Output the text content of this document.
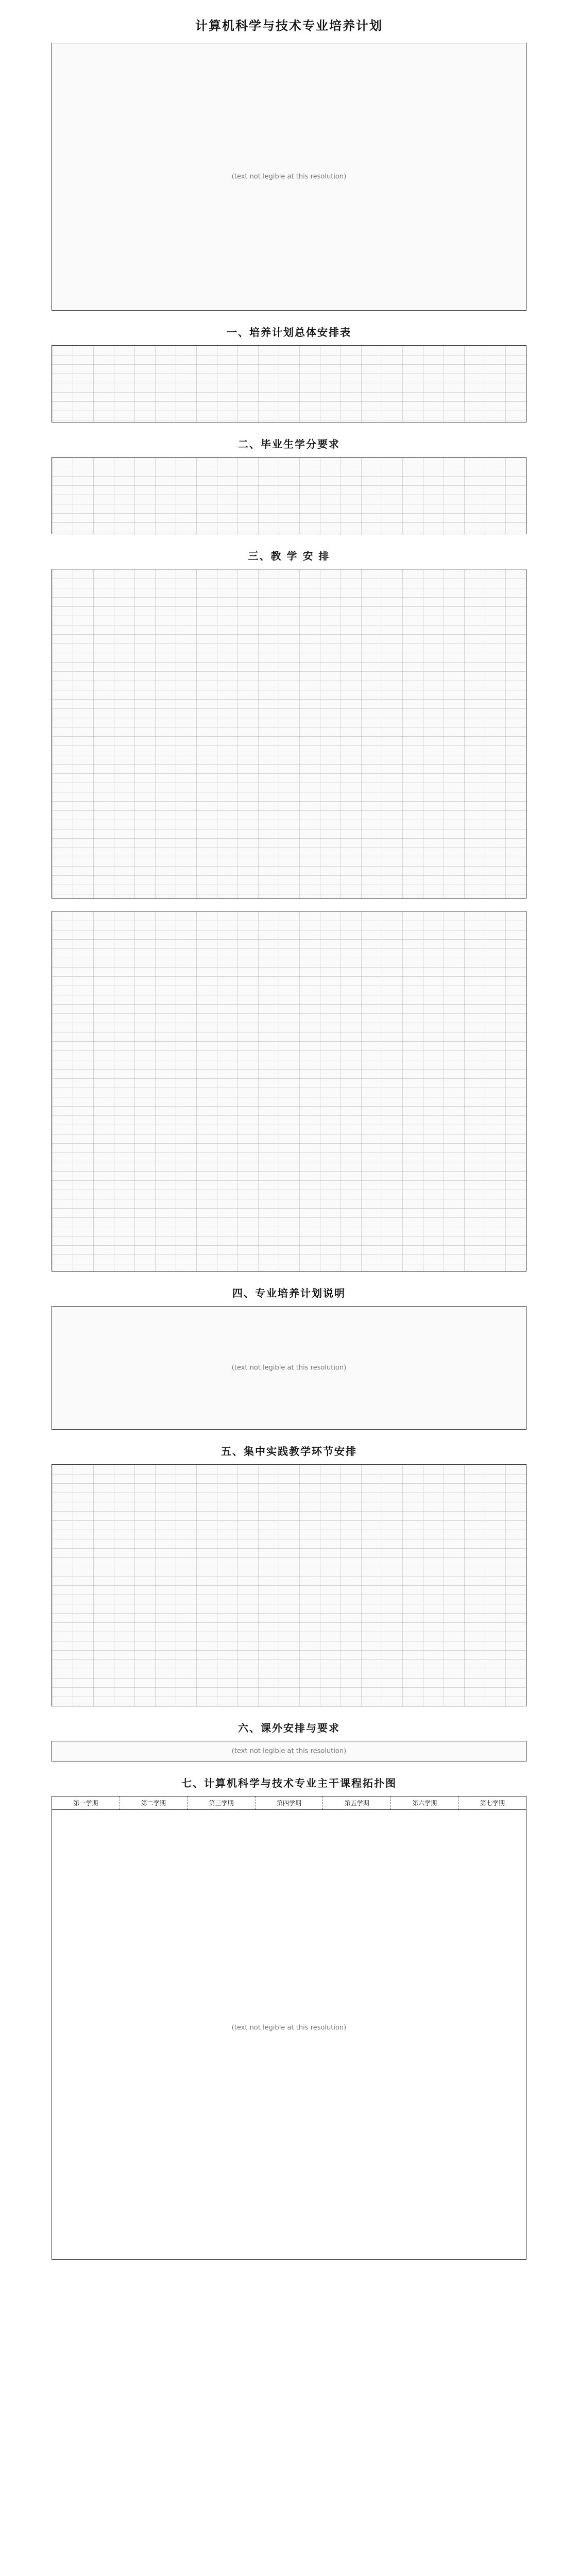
计算机科学与技术专业培养计划
(text not legible at this resolution)
一、培养计划总体安排表
二、毕业生学分要求
三、教 学 安 排
四、专业培养计划说明
(text not legible at this resolution)
五、集中实践教学环节安排
六、课外安排与要求
(text not legible at this resolution)
七、计算机科学与技术专业主干课程拓扑图
第一学期	第二学期	第三学期	第四学期	第五学期	第六学期	第七学期
(text not legible at this resolution)
